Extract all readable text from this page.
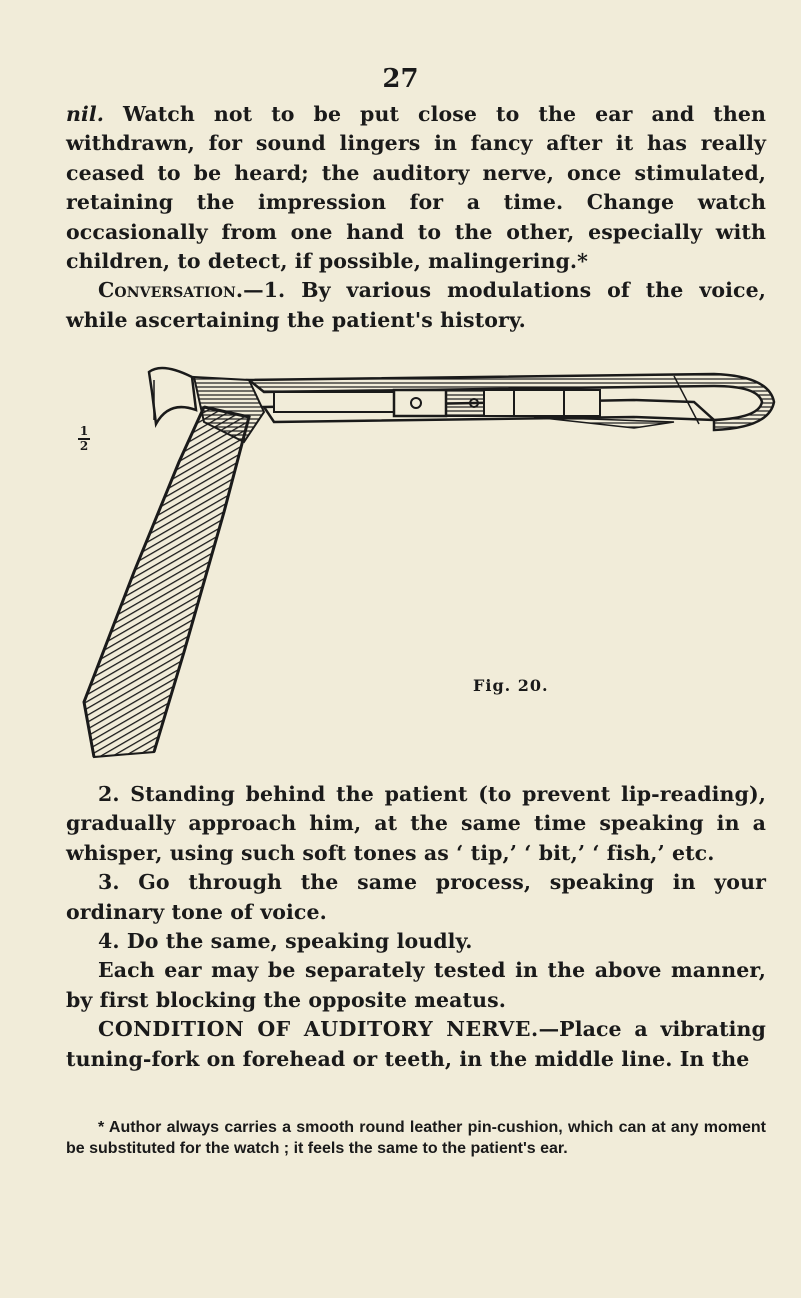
27

nil. Watch not to be put close to the ear and then withdrawn, for sound lingers in fancy after it has really ceased to be heard; the auditory nerve, once stimulated, retaining the impression for a time. Change watch occasionally from one hand to the other, especially with children, to detect, if possible, malingering.*

Conversation.—1. By various modulations of the voice, while ascertaining the patient's history.

1
2
Fig. 20.

2. Standing behind the patient (to prevent lip-reading), gradually approach him, at the same time speaking in a whisper, using such soft tones as ‘ tip,’ ‘ bit,’ ‘ fish,’ etc.

3. Go through the same process, speaking in your ordinary tone of voice.

4. Do the same, speaking loudly.

Each ear may be separately tested in the above manner, by first blocking the opposite meatus.

CONDITION OF AUDITORY NERVE.—Place a vibrating tuning-fork on forehead or teeth, in the middle line. In the

* Author always carries a smooth round leather pin-cushion, which can at any moment be substituted for the watch ; it feels the same to the patient's ear.
